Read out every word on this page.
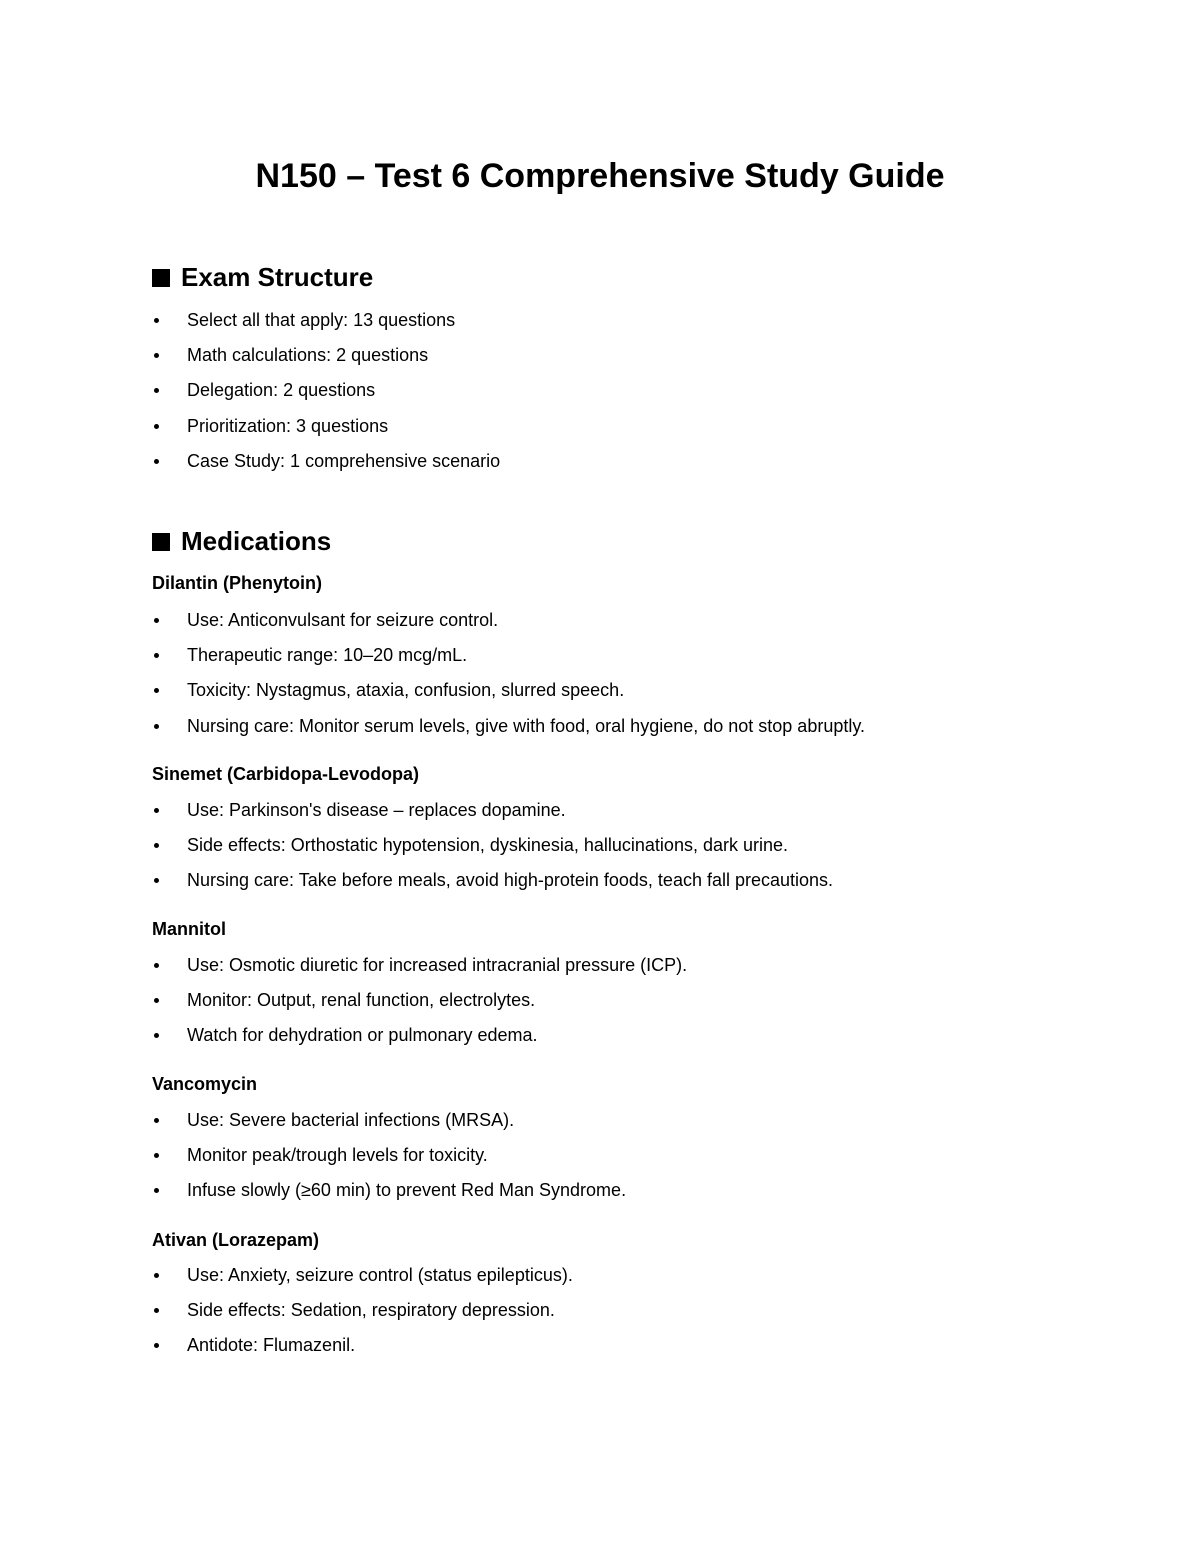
N150 – Test 6 Comprehensive Study Guide
Exam Structure
Select all that apply: 13 questions
Math calculations: 2 questions
Delegation: 2 questions
Prioritization: 3 questions
Case Study: 1 comprehensive scenario
Medications
Dilantin (Phenytoin)
Use: Anticonvulsant for seizure control.
Therapeutic range: 10–20 mcg/mL.
Toxicity: Nystagmus, ataxia, confusion, slurred speech.
Nursing care: Monitor serum levels, give with food, oral hygiene, do not stop abruptly.
Sinemet (Carbidopa-Levodopa)
Use: Parkinson's disease – replaces dopamine.
Side effects: Orthostatic hypotension, dyskinesia, hallucinations, dark urine.
Nursing care: Take before meals, avoid high-protein foods, teach fall precautions.
Mannitol
Use: Osmotic diuretic for increased intracranial pressure (ICP).
Monitor: Output, renal function, electrolytes.
Watch for dehydration or pulmonary edema.
Vancomycin
Use: Severe bacterial infections (MRSA).
Monitor peak/trough levels for toxicity.
Infuse slowly (≥60 min) to prevent Red Man Syndrome.
Ativan (Lorazepam)
Use: Anxiety, seizure control (status epilepticus).
Side effects: Sedation, respiratory depression.
Antidote: Flumazenil.
